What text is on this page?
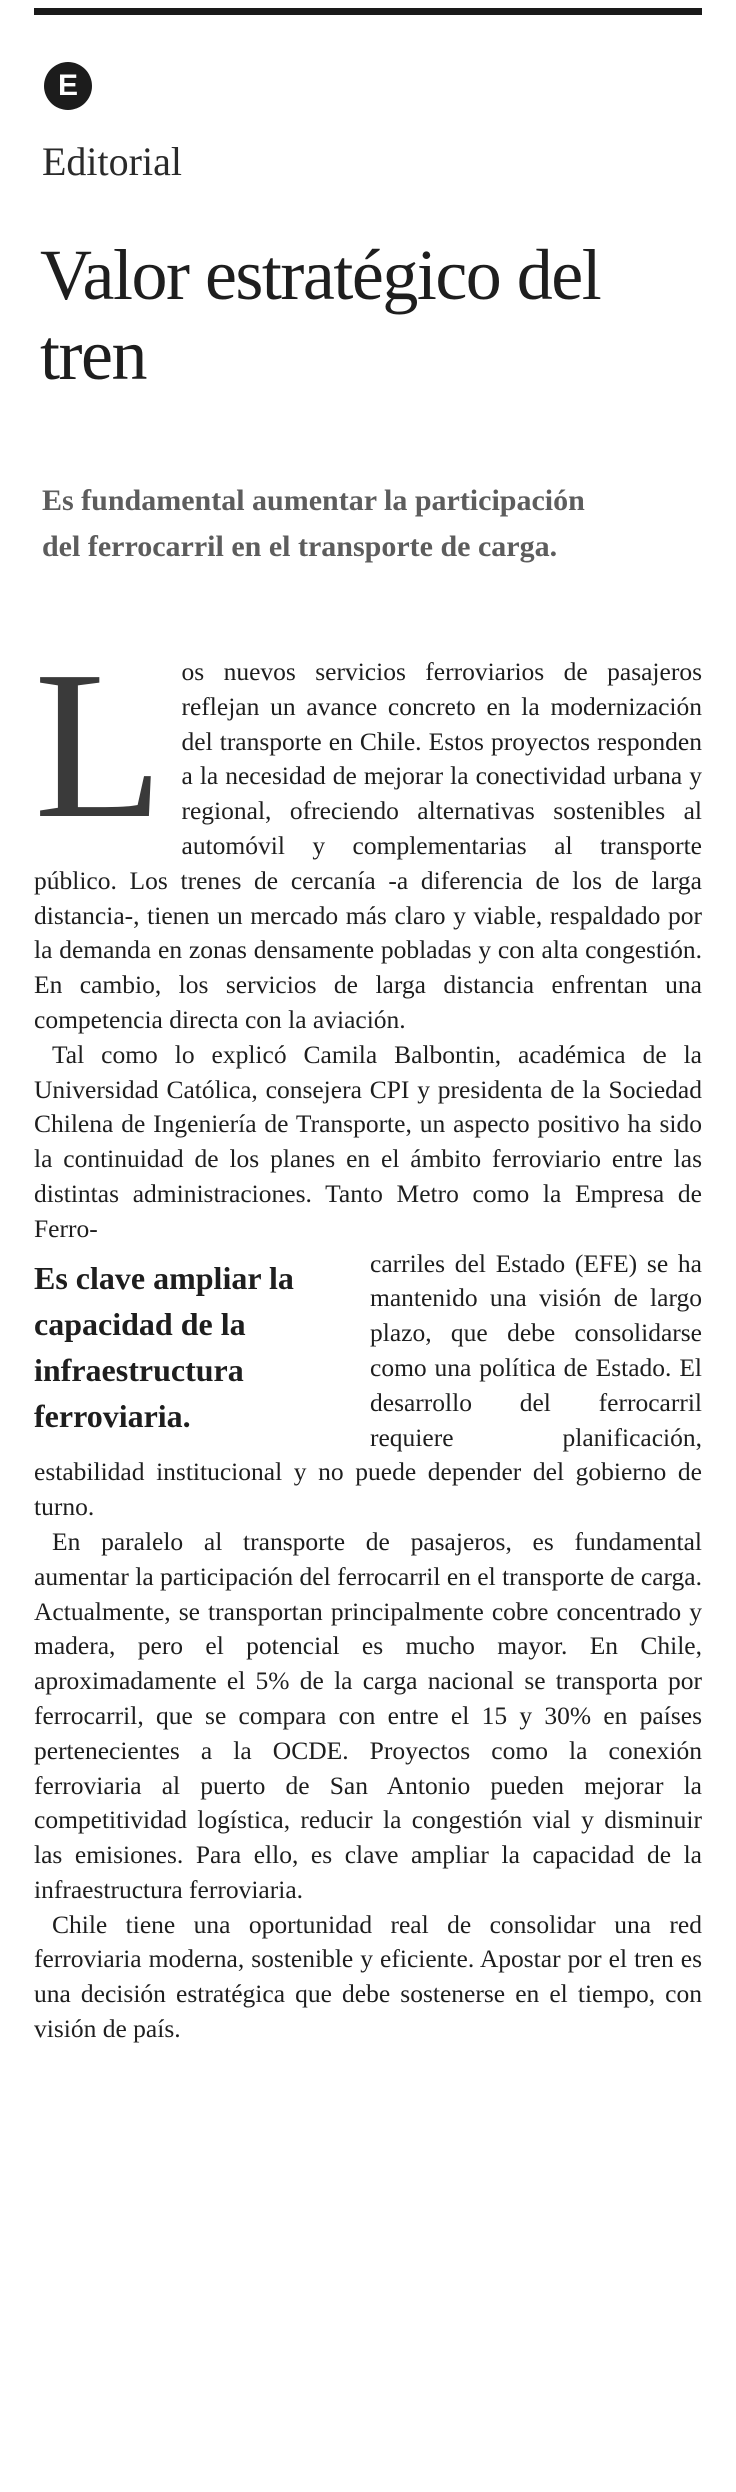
E
Editorial
Valor estratégico del tren

Es fundamental aumentar la participación del ferrocarril en el transporte de carga.

L os nuevos servicios ferroviarios de pasajeros reflejan un avance concreto en la modernización del transporte en Chile. Estos proyectos responden a la necesidad de mejorar la conectividad urbana y regional, ofreciendo alternativas sostenibles al automóvil y complementarias al transporte público. Los trenes de cercanía -a diferencia de los de larga distancia-, tienen un mercado más claro y viable, respaldado por la demanda en zonas densamente pobladas y con alta congestión. En cambio, los servicios de larga distancia enfrentan una competencia directa con la aviación.

Tal como lo explicó Camila Balbontin, académica de la Universidad Católica, consejera CPI y presidenta de la Sociedad Chilena de Ingeniería de Transporte, un aspecto positivo ha sido la continuidad de los planes en el ámbito ferroviario entre las distintas administraciones. Tanto Metro como la Empresa de Ferro-

Es clave ampliar la capacidad de la infraestructura ferroviaria.

carriles del Estado (EFE) se ha mantenido una visión de largo plazo, que debe consolidarse como una política de Estado. El desarrollo del ferrocarril requiere planificación, estabilidad institucional y no puede depender del gobierno de turno.

En paralelo al transporte de pasajeros, es fundamental aumentar la participación del ferrocarril en el transporte de carga. Actualmente, se transportan principalmente cobre concentrado y madera, pero el potencial es mucho mayor. En Chile, aproximadamente el 5% de la carga nacional se transporta por ferrocarril, que se compara con entre el 15 y 30% en países pertenecientes a la OCDE. Proyectos como la conexión ferroviaria al puerto de San Antonio pueden mejorar la competitividad logística, reducir la congestión vial y disminuir las emisiones. Para ello, es clave ampliar la capacidad de la infraestructura ferroviaria.

Chile tiene una oportunidad real de consolidar una red ferroviaria moderna, sostenible y eficiente. Apostar por el tren es una decisión estratégica que debe sostenerse en el tiempo, con visión de país.
